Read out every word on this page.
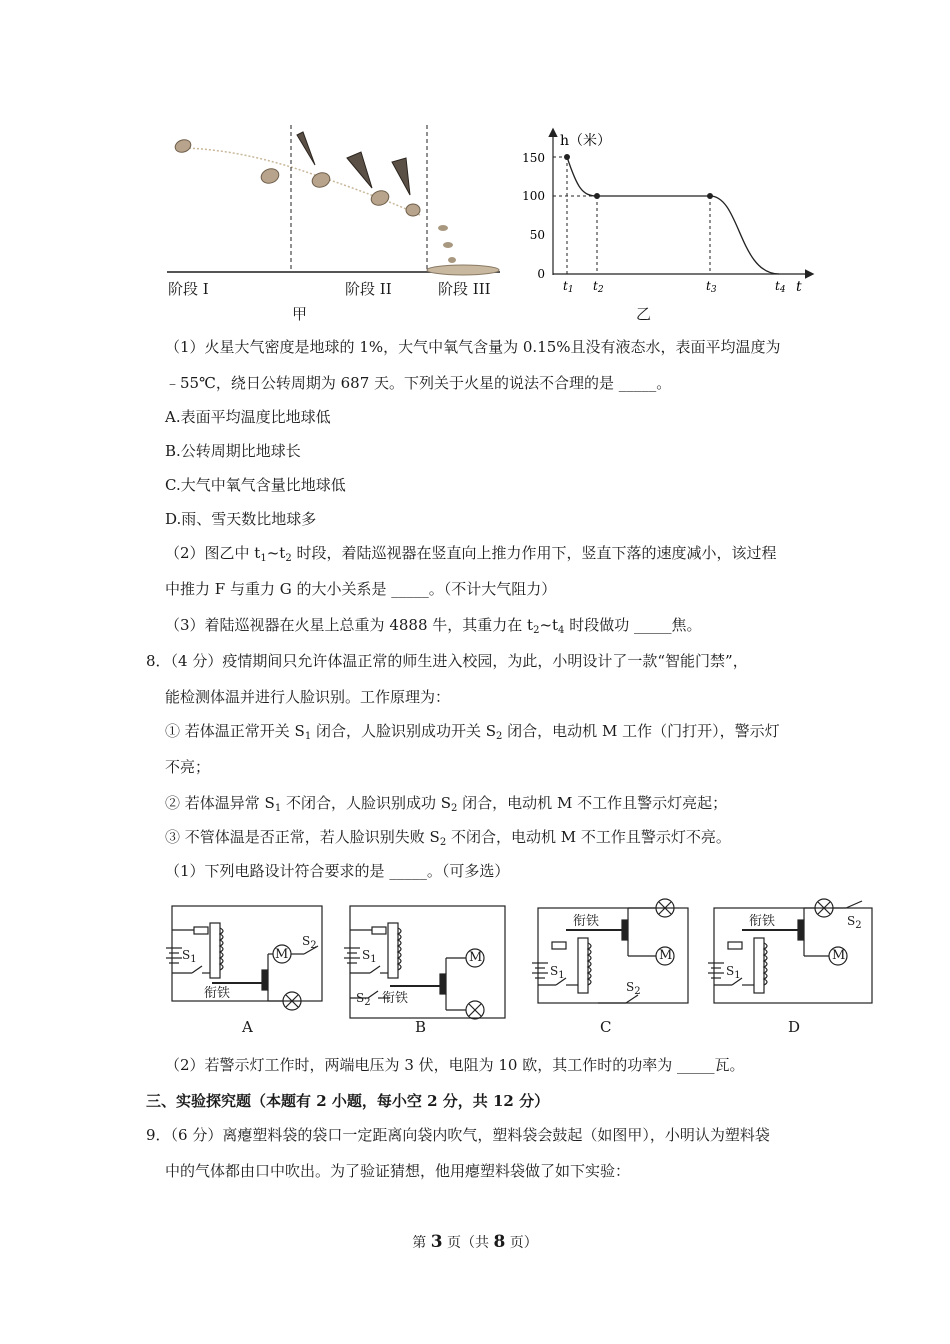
阶段 I	阶段 II	阶段 III
甲
h（米）
t
150
100
50
0
t1 t2	t3	t4
乙
（1）火星大气密度是地球的 1%，大气中氧气含量为 0.15%且没有液态水，表面平均温度为
﹣55℃，绕日公转周期为 687 天。下列关于火星的说法不合理的是 _____。
A.表面平均温度比地球低
B.公转周期比地球长
C.大气中氧气含量比地球低
D.雨、雪天数比地球多
（2）图乙中 $t_1\sim t_2$ 时段，着陆巡视器在竖直向上推力作用下，竖直下落的速度减小，该过程
中推力 F 与重力 G 的大小关系是 _____。（不计大气阻力）
（3）着陆巡视器在火星上总重为 4888 牛，其重力在 $t_2\sim t_4$ 时段做功 _____焦。
8．（4 分）疫情期间只允许体温正常的师生进入校园，为此，小明设计了一款“智能门禁”，
能检测体温并进行人脸识别。工作原理为：
① 若体温正常开关 $S_1$ 闭合，人脸识别成功开关 $S_2$ 闭合，电动机 M 工作（门打开），警示灯
不亮；
② 若体温异常 $S_1$ 不闭合，人脸识别成功 $S_2$ 闭合，电动机 M 不工作且警示灯亮起；
③ 不管体温是否正常，若人脸识别失败 $S_2$ 不闭合，电动机 M 不工作且警示灯不亮。
（1）下列电路设计符合要求的是 _____。（可多选）
衔铁
M
$S_1$
$S_2$
衔铁
M
$S_1$
$S_2$
衔铁
M
$S_1$
$S_2$
衔铁
M
$S_1$
$S_2$
A	B	C	D
（2）若警示灯工作时，两端电压为 3 伏，电阻为 10 欧，其工作时的功率为 _____瓦。
三、实验探究题（本题有 2 小题，每小空 2 分，共 12 分）
9．（6 分）离瘪塑料袋的袋口一定距离向袋内吹气，塑料袋会鼓起（如图甲），小明认为塑料袋
中的气体都由口中吹出。为了验证猜想，他用瘪塑料袋做了如下实验：
第 3 页（共 8 页）
